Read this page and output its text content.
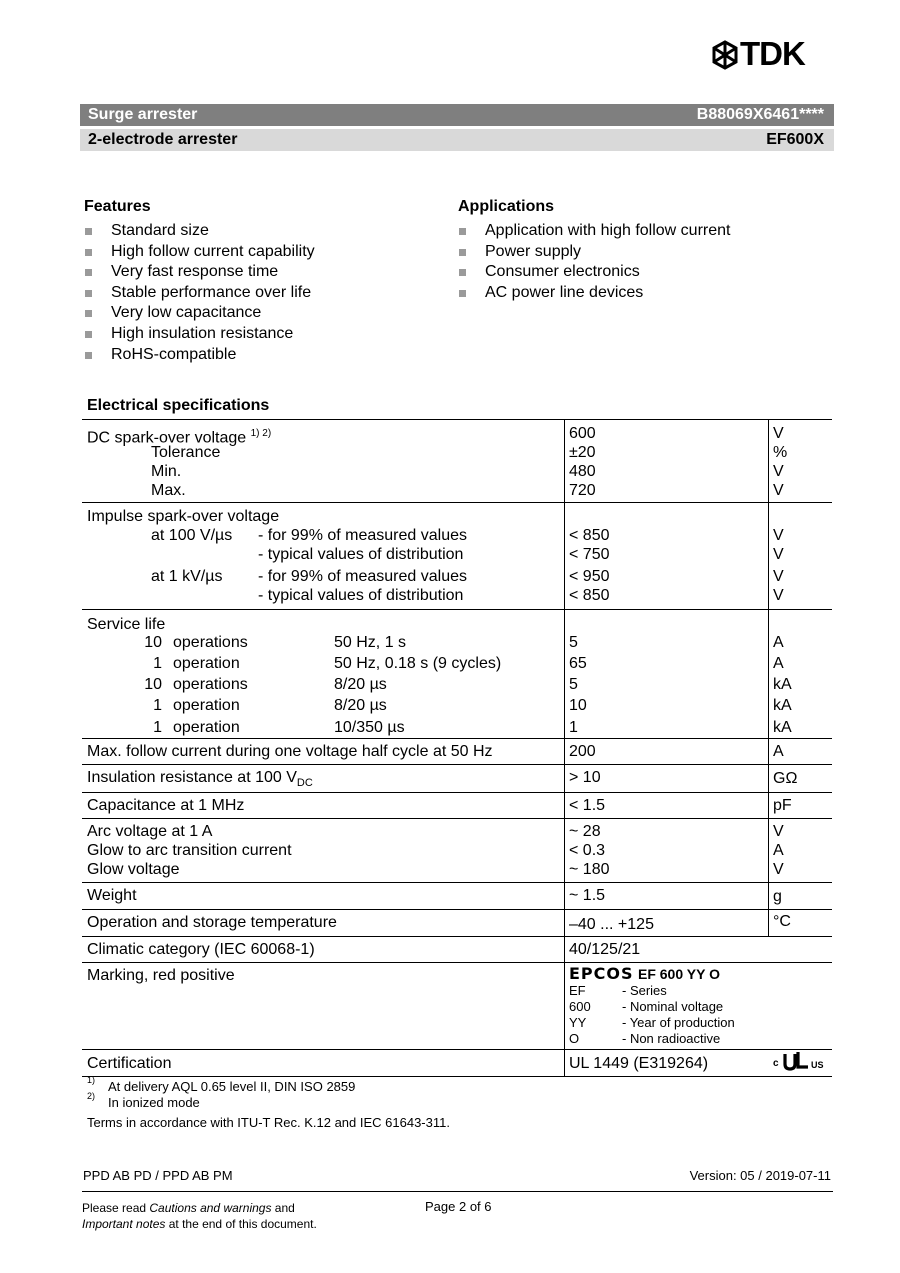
TDK
Surge arrester	B88069X6461****
2-electrode arrester	EF600X
Features
Standard size
High follow current capability
Very fast response time
Stable performance over life
Very low capacitance
High insulation resistance
RoHS-compatible
Applications
Application with high follow current
Power supply
Consumer electronics
AC power line devices
Electrical specifications
DC spark-over voltage $^{1) 2)}$	600	V
Tolerance	±20	%
Min.	480	V
Max.	720	V
Impulse spark-over voltage
at 100 V/µs - for 99% of measured values	< 850	V
- typical values of distribution	< 750	V
at 1 kV/µs - for 99% of measured values	< 950	V
- typical values of distribution	< 850	V
Service life
10 operations	50 Hz, 1 s	5	A
1 operation	50 Hz, 0.18 s (9 cycles)	65	A
10 operations	8/20 µs	5	kA
1 operation	8/20 µs	10	kA
1 operation	10/350 µs	1	kA
Max. follow current during one voltage half cycle at 50 Hz	200	A
Insulation resistance at 100 $V_{DC}$	> 10	GΩ
Capacitance at 1 MHz	< 1.5	pF
Arc voltage at 1 A	~ 28	V
Glow to arc transition current	< 0.3	A
Glow voltage	~ 180	V
Weight	~ 1.5	g
Operation and storage temperature	–40 ... +125	°C
Climatic category (IEC 60068-1)	40/125/21
Marking, red positive	EPCOS EF 600 YY O
EF	- Series
600 - Nominal voltage
YY	- Year of production
O	- Non radioactive
Certification	UL 1449 (E319264)	c	US
1) At delivery AQL 0.65 level II, DIN ISO 2859
2) In ionized mode
Terms in accordance with ITU-T Rec. K.12 and IEC 61643-311.
PPD AB PD / PPD AB PM	Version: 05 / 2019-07-11
Please read Cautions and warnings and
Important notes at the end of this document.
Page 2 of 6
